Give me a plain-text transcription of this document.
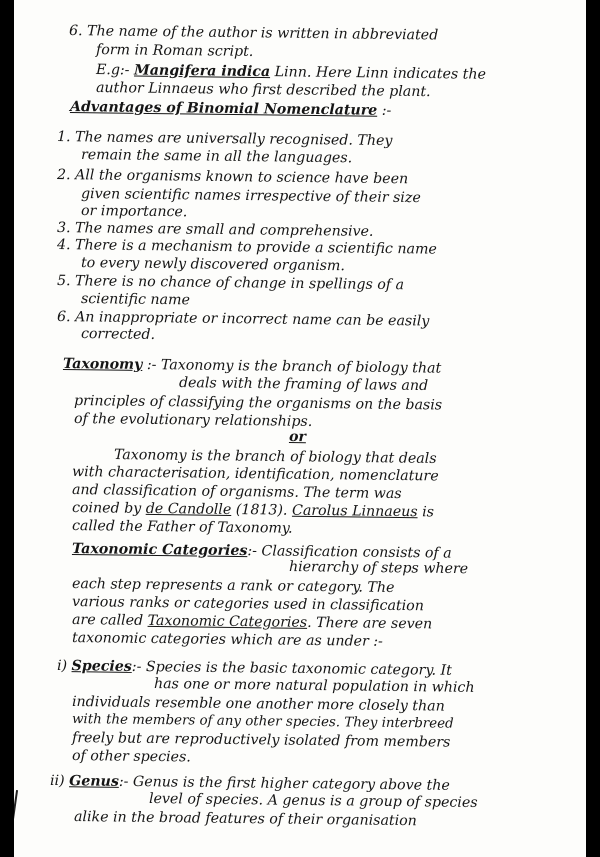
6. The name of the author is written in abbreviated
form in Roman script.
E.g:- Mangifera indica Linn. Here Linn indicates the
author Linnaeus who first described the plant.
Advantages of Binomial Nomenclature :-
1. The names are universally recognised. They
remain the same in all the languages.
2. All the organisms known to science have been
given scientific names irrespective of their size
or importance.
3. The names are small and comprehensive.
4. There is a mechanism to provide a scientific name
to every newly discovered organism.
5. There is no chance of change in spellings of a
scientific name
6. An inappropriate or incorrect name can be easily
corrected.
Taxonomy :- Taxonomy is the branch of biology that
deals with the framing of laws and
principles of classifying the organisms on the basis
of the evolutionary relationships.
or
Taxonomy is the branch of biology that deals
with characterisation, identification, nomenclature
and classification of organisms. The term was
coined by de Candolle (1813). Carolus Linnaeus is
called the Father of Taxonomy.
Taxonomic Categories:- Classification consists of a
hierarchy of steps where
each step represents a rank or category. The
various ranks or categories used in classification
are called Taxonomic Categories. There are seven
taxonomic categories which are as under :-
i) Species:- Species is the basic taxonomic category. It
has one or more natural population in which
individuals resemble one another more closely than
with the members of any other species. They interbreed
freely but are reproductively isolated from members
of other species.
ii) Genus:- Genus is the first higher category above the
level of species. A genus is a group of species
alike in the broad features of their organisation
